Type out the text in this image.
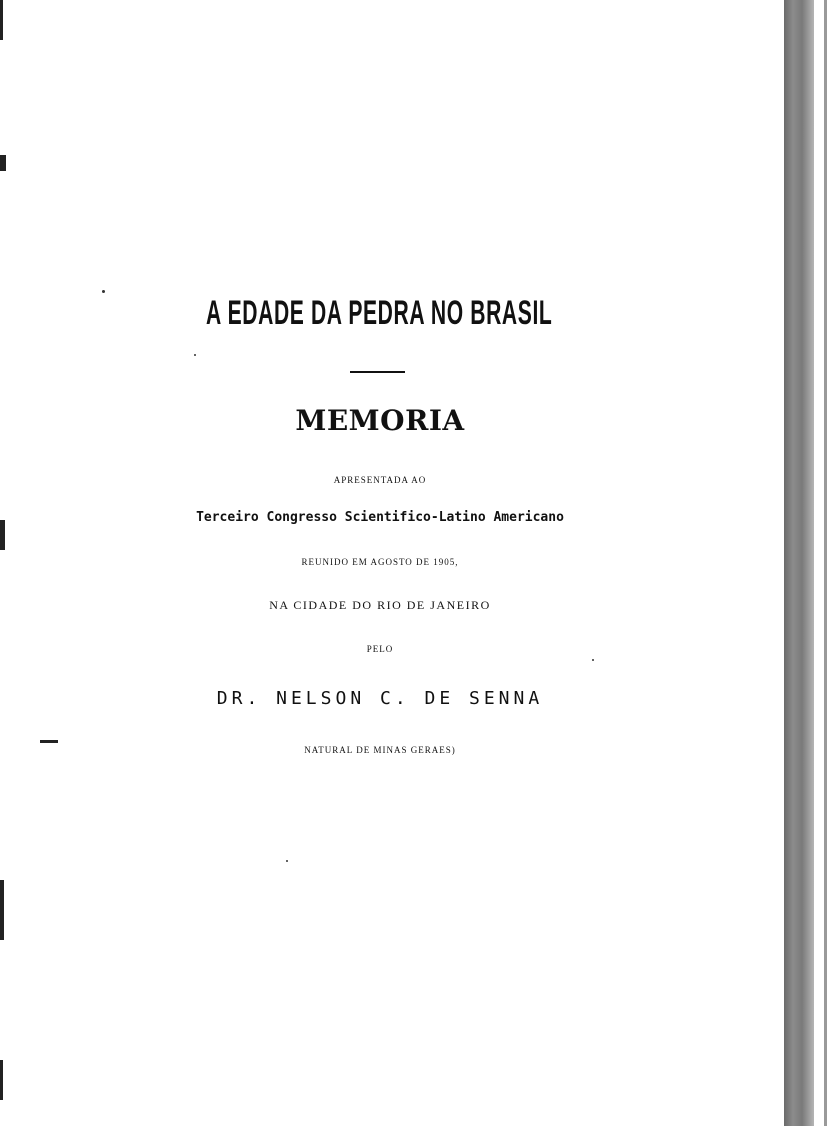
A EDADE DA PEDRA NO BRASIL
MEMORIA
APRESENTADA AO
Terceiro Congresso Scientifico-Latino Americano
REUNIDO EM AGOSTO DE 1905,
NA CIDADE DO RIO DE JANEIRO
PELO
DR. NELSON C. DE SENNA
NATURAL DE MINAS GERAES)
